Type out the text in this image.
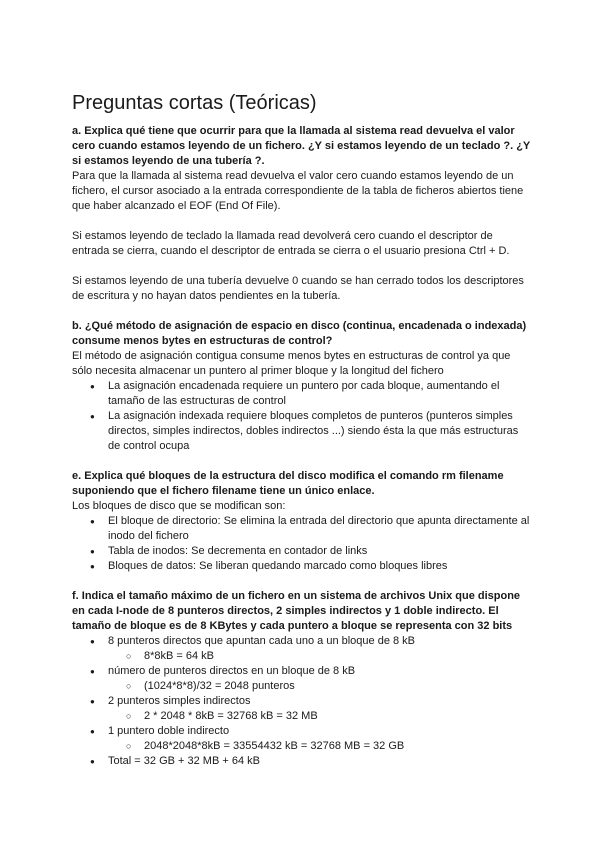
Preguntas cortas (Teóricas)

a. Explica qué tiene que ocurrir para que la llamada al sistema read devuelva el valor cero cuando estamos leyendo de un fichero. ¿Y si estamos leyendo de un teclado ?. ¿Y si estamos leyendo de una tubería ?.

Para que la llamada al sistema read devuelva el valor cero cuando estamos leyendo de un fichero, el cursor asociado a la entrada correspondiente de la tabla de ficheros abiertos tiene que haber alcanzado el EOF (End Of File).

Si estamos leyendo de teclado la llamada read devolverá cero cuando el descriptor de entrada se cierra, cuando el descriptor de entrada se cierra o el usuario presiona Ctrl + D.

Si estamos leyendo de una tubería devuelve 0 cuando se han cerrado todos los descriptores de escritura y no hayan datos pendientes en la tubería.

b. ¿Qué método de asignación de espacio en disco (continua, encadenada o indexada) consume menos bytes en estructuras de control?

El método de asignación contigua consume menos bytes en estructuras de control ya que sólo necesita almacenar un puntero al primer bloque y la longitud del fichero

● La asignación encadenada requiere un puntero por cada bloque, aumentando el tamaño de las estructuras de control
● La asignación indexada requiere bloques completos de punteros (punteros simples directos, simples indirectos, dobles indirectos ...) siendo ésta la que más estructuras de control ocupa

e. Explica qué bloques de la estructura del disco modifica el comando rm filename suponiendo que el fichero filename tiene un único enlace.

Los bloques de disco que se modifican son:

● El bloque de directorio: Se elimina la entrada del directorio que apunta directamente al inodo del fichero
● Tabla de inodos: Se decrementa en contador de links
● Bloques de datos: Se liberan quedando marcado como bloques libres

f. Indica el tamaño máximo de un fichero en un sistema de archivos Unix que dispone en cada I-node de 8 punteros directos, 2 simples indirectos y 1 doble indirecto. El tamaño de bloque es de 8 KBytes y cada puntero a bloque se representa con 32 bits

● 8 punteros directos que apuntan cada uno a un bloque de 8 kB
○ 8*8kB = 64 kB
● número de punteros directos en un bloque de 8 kB
○ (1024*8*8)/32 = 2048 punteros
● 2 punteros simples indirectos
○ 2 * 2048 * 8kB = 32768 kB = 32 MB
● 1 puntero doble indirecto
○ 2048*2048*8kB = 33554432 kB = 32768 MB = 32 GB
● Total = 32 GB + 32 MB + 64 kB
